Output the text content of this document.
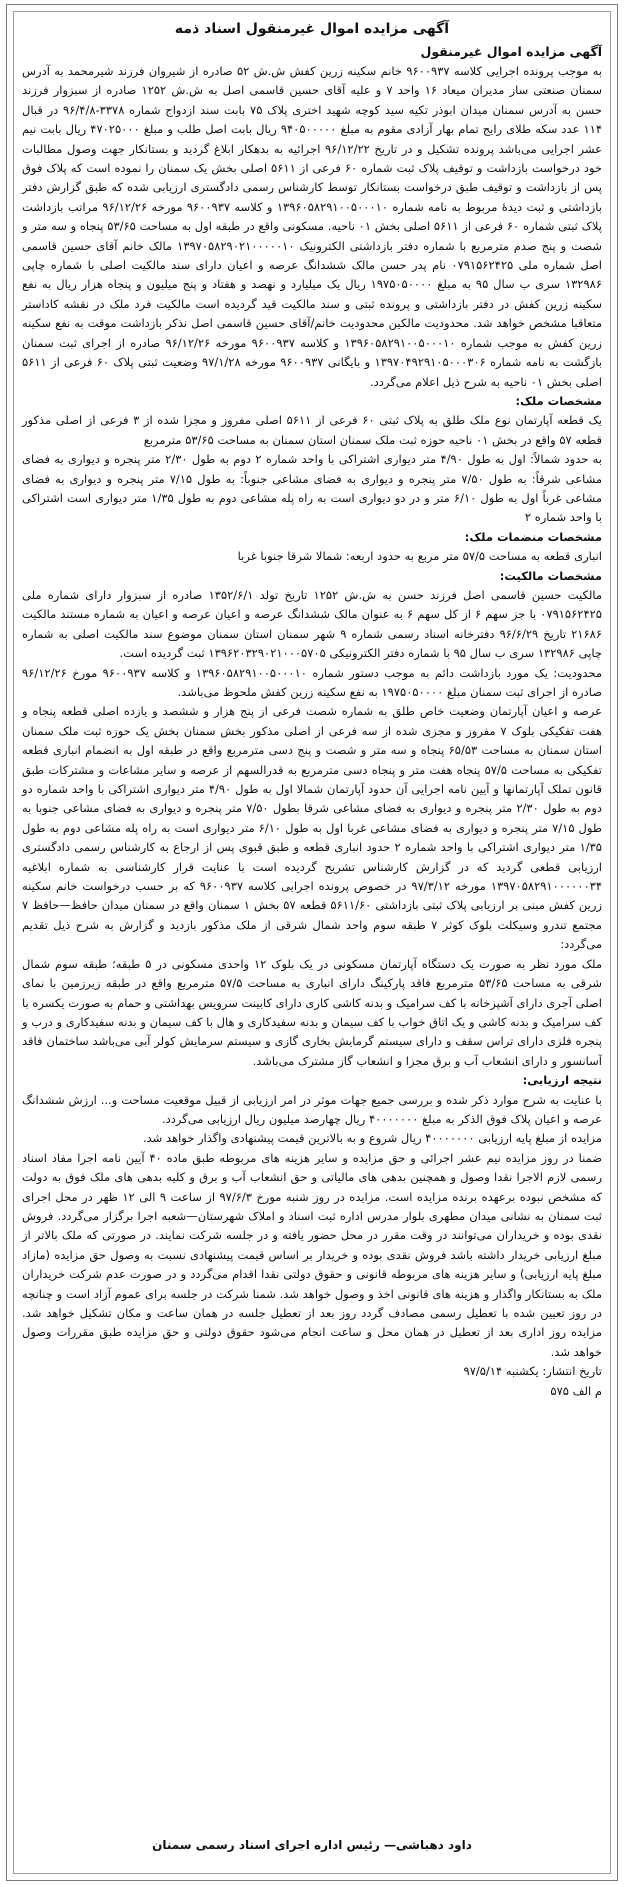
آگهی مزایده اموال غیرمنقول اسناد ذمه

آگهی مزایده اموال غیرمنقول

به موجب پرونده اجرایی کلاسه ۹۶۰۰۹۳۷ خانم سکینه زرین کفش ش.ش ۵۲ صادره از شیروان فرزند شیرمحمد به آدرس سمنان صنعتی ساز مدیران میعاد ۱۶ واحد ۷ و علیه آقای حسین قاسمی اصل به ش.ش ۱۲۵۲ صادره از سبزوار فرزند حسن به آدرس سمنان میدان ابوذر تکیه سید کوچه شهید اختری پلاک ۷۵ بابت سند ازدواج شماره ۳۳۷۸-۹۶/۴/۸ در قبال ۱۱۴ عدد سکه طلای رایج تمام بهار آزادی مقوم به مبلغ ۹۴۰۵۰۰۰۰۰ ریال بابت اصل طلب و مبلغ ۴۷۰۲۵۰۰۰ ریال بابت نیم عشر اجرایی می‌باشد پرونده تشکیل و در تاریخ ۹۶/۱۲/۲۲ اجرائیه به بدهکار ابلاغ گردید و بستانکار جهت وصول مطالبات خود درخواست بازداشت و توقیف پلاک ثبت شماره ۶۰ فرعی از ۵۶۱۱ اصلی بخش یک سمنان را نموده است که پلاک فوق پس از بازداشت و توقیف طبق درخواست بستانکار توسط کارشناس رسمی دادگستری ارزیابی شده که طبق گزارش دفتر بازداشتی و ثبت دیدهٔ مربوط به نامه شماره ۱۳۹۶۰۵۸۲۹۱۰۰۵۰۰۰۱۰ و کلاسه ۹۶۰۰۹۳۷ مورخه ۹۶/۱۲/۲۶ مراتب بازداشت پلاک ثبتی شماره ۶۰ فرعی از ۵۶۱۱ اصلی بخش ۰۱ ناحیه. مسکونی واقع در طبقه اول به مساحت ۵۳/۶۵ پنجاه و سه متر و شصت و پنج صدم مترمربع با شماره دفتر بازداشتی الکترونیک ۱۳۹۷۰۵۸۲۹۰۲۱۰۰۰۰۰۱۰ مالک خانم آقای حسین قاسمی اصل شماره ملی ۰۷۹۱۵۶۲۴۲۵ نام پدر حسن مالک ششدانگ عرصه و اعیان دارای سند مالکیت اصلی با شماره چاپی ۱۳۲۹۸۶ سری ب سال ۹۵ به مبلغ ۱۹۷۵۰۵۰۰۰۰ ریال یک میلیارد و نهصد و هفتاد و پنج میلیون و پنجاه هزار ریال به نفع سکینه زرین کفش در دفتر بازداشتی و پرونده ثبتی و سند مالکیت قید گردیده است مالکیت فرد ملک در نقشه کاداستر متعاقبا مشخص خواهد شد. محدودیت مالکین محدودیت خانم/آقای حسین قاسمی اصل نذکر بازداشت موقت به نفع سکینه زرین کفش به موجب شماره ۱۳۹۶۰۵۸۲۹۱۰۰۵۰۰۰۱۰ و کلاسه ۹۶۰۰۹۳۷ مورخه ۹۶/۱۲/۲۶ صادره از اجرای ثبت سمنان بازگشت به نامه شماره ۱۳۹۷۰۴۹۲۹۱۰۵۰۰۰۳۰۶ و بایگانی ۹۶۰۰۹۳۷ مورخه ۹۷/۱/۲۸ وضعیت ثبتی پلاک ۶۰ فرعی از ۵۶۱۱ اصلی بخش ۰۱ ناحیه به شرح ذیل اعلام می‌گردد.

مشخصات ملک:

یک قطعه آپارتمان نوع ملک طلق به پلاک ثبتی ۶۰ فرعی از ۵۶۱۱ اصلی مفروز و مجزا شده از ۳ فرعی از اصلی مذکور قطعه ۵۷ واقع در بخش ۰۱ ناحیه حوزه ثبت ملک سمنان استان سمنان به مساحت ۵۳/۶۵ مترمربع

به حدود شمالاً: اول به طول ۴/۹۰ متر دیواری اشتراکی با واحد شماره ۲ دوم به طول ۲/۳۰ متر پنجره و دیواری به فضای مشاعی شرقاً: به طول ۷/۵۰ متر پنجره و دیواری به فضای مشاعی جنوباً: به طول ۷/۱۵ متر پنجره و دیواری به فضای مشاعی غرباً اول به طول ۶/۱۰ متر و در دو دیواری است به راه پله مشاعی دوم به طول ۱/۳۵ متر دیواری است اشتراکی با واحد شماره ۲

مشخصات منضمات ملک:

انباری قطعه به مساحت ۵۷/۵ متر مربع به حدود اربعه: شمالا شرقا جنوبا غربا

مشخصات مالکیت:

مالکیت حسین قاسمی اصل فرزند حسن به ش.ش ۱۲۵۲ تاریخ تولد ۱۳۵۲/۶/۱ صادره از سبزوار دارای شماره ملی ۰۷۹۱۵۶۲۴۲۵ با جز سهم ۶ از کل سهم ۶ به عنوان مالک ششدانگ عرصه و اعیان عرصه و اعیان به شماره مستند مالکیت ۲۱۶۸۶ تاریخ ۹۶/۶/۲۹ دفترخانه اسناد رسمی شماره ۹ شهر سمنان استان سمنان موضوع سند مالکیت اصلی به شماره چاپی ۱۳۲۹۸۶ سری ب سال ۹۵ با شماره دفتر الکترونیکی ۱۳۹۶۲۰۳۲۹۰۲۱۰۰۰۵۷۰۵ ثبت گردیده است.

محدودیت: یک مورد بازداشت دائم به موجب دستور شماره ۱۳۹۶۰۵۸۲۹۱۰۰۵۰۰۰۱۰ و کلاسه ۹۶۰۰۹۳۷ مورخ ۹۶/۱۲/۲۶ صادره از اجرای ثبت سمنان مبلغ ۱۹۷۵۰۵۰۰۰۰ به نفع سکینه زرین کفش ملحوظ می‌باشد.

عرصه و اعیان آپارتمان وضعیت خاص طلق به شماره شصت فرعی از پنج هزار و ششصد و یازده اصلی قطعه پنجاه و هفت تفکیکی بلوک ۷ مفروز و مجزی شده از سه فرعی از اصلی مذکور بخش سمنان بخش یک حوزه ثبت ملک سمنان استان سمنان به مساحت ۶۵/۵۳ پنجاه و سه متر و شصت و پنج دسی مترمربع واقع در طبقه اول به انضمام انباری قطعه تفکیکی به مساحت ۵۷/۵ پنجاه هفت متر و پنجاه دسی مترمربع به قدرالسهم از عرصه و سایر مشاعات و مشترکات طبق قانون تملک آپارتمانها و آیین نامه اجرایی آن حدود آپارتمان شمالا اول به طول ۴/۹۰ متر دیواری اشتراکی با واحد شماره دو دوم به طول ۲/۳۰ متر پنجره و دیواری به فضای مشاعی شرقا بطول ۷/۵۰ متر پنجره و دیواری به فضای مشاعی جنوبا به طول ۷/۱۵ متر پنجره و دیواری به فضای مشاعی غربا اول به طول ۶/۱۰ متر دیواری است به راه پله مشاعی دوم به طول ۱/۳۵ متر دیواری اشتراکی با واحد شماره ۲ حدود انباری قطعه و طبق قبوی پس از ارجاع به کارشناس رسمی دادگستری ارزیابی قطعی گردید که در گزارش کارشناس تشریح گردیده است با عنایت قرار کارشناسی به شماره ابلاغیه ۱۳۹۷۰۵۸۲۹۱۰۰۰۰۰۰۳۴ مورخه ۹۷/۳/۱۲ در خصوص پرونده اجرایی کلاسه ۹۶۰۰۹۳۷ که بر حسب درخواست خانم سکینه زرین کفش مبنی بر ارزیابی پلاک ثبتی بازداشتی ۵۶۱۱/۶۰ قطعه ۵۷ بخش ۱ سمنان واقع در سمنان میدان حافظ—حافظ ۷ مجتمع تندرو وسیکلت بلوک کوثر ۷ طبقه سوم واحد شمال شرقی از ملک مذکور بازدید و گزارش به شرح ذیل تقدیم می‌گردد:

ملک مورد نظر به صورت یک دستگاه آپارتمان مسکونی در یک بلوک ۱۲ واحدی مسکونی در ۵ طبقه؛ طبقه سوم شمال شرقی به مساحت ۵۳/۶۵ مترمربع فاقد پارکینگ دارای انباری به مساحت ۵۷/۵ مترمربع واقع در طبقه زیرزمین با نمای اصلی آجری دارای آشپزخانه با کف سرامیک و بدنه کاشی کاری دارای کابینت سرویس بهداشتی و حمام به صورت یکسره با کف سرامیک و بدنه کاشی و یک اتاق خواب با کف سیمان و بدنه سفیدکاری و هال با کف سیمان و بدنه سفیدکاری و درب و پنجره فلزی دارای تراس سقف و دارای سیستم گرمایش بخاری گازی و سیستم سرمایش کولر آبی می‌باشد ساختمان فاقد آسانسور و دارای انشعاب آب و برق مجزا و انشعاب گاز مشترک می‌باشد.

نتیجه ارزیابی:

با عنایت به شرح موارد ذکر شده و بررسی جمیع جهات موثر در امر ارزیابی از قبیل موقعیت مساحت و... ارزش ششدانگ عرصه و اعیان پلاک فوق الذکر به مبلغ ۴۰۰۰۰۰۰۰ ریال چهارصد میلیون ریال ارزیابی می‌گردد.

مزایده از مبلغ پایه ارزیابی ۴۰۰۰۰۰۰۰ ریال شروع و به بالاترین قیمت پیشنهادی واگذار خواهد شد.

ضمنا در روز مزایده نیم عشر اجرائی و حق مزایده و سایر هزینه های مربوطه طبق ماده ۴۰ آیین نامه اجرا مفاد اسناد رسمی لازم الاجرا نقدا وصول و همچنین بدهی های مالیاتی و حق انشعاب آب و برق و کلیه بدهی های ملک فوق به دولت که مشخص نبوده برعهده برنده مزایده است. مزایده در روز شنبه مورخ ۹۷/۶/۳ از ساعت ۹ الی ۱۲ ظهر در محل اجرای ثبت سمنان به نشانی میدان مطهری بلوار مدرس اداره ثبت اسناد و املاک شهرستان—شعبه اجرا برگزار می‌گردد. فروش نقدی بوده و خریداران می‌توانند در وقت مقرر در محل حضور یافته و در جلسه شرکت نمایند. در صورتی که ملک بالاتر از مبلغ ارزیابی خریدار داشته باشد فروش نقدی بوده و خریدار بر اساس قیمت پیشنهادی نسبت به وصول حق مزایده (مازاد مبلغ پایه ارزیابی) و سایر هزینه های مربوطه قانونی و حقوق دولتی نقدا اقدام می‌گردد و در صورت عدم شرکت خریداران ملک به بستانکار واگذار و هزینه های قانونی اخذ و وصول خواهد شد. شمنا شرکت در جلسه برای عموم آزاد است و چنانچه در روز تعیین شده با تعطیل رسمی مصادف گردد روز بعد از تعطیل جلسه در همان ساعت و مکان تشکیل خواهد شد. مزایده روز اداری بعد از تعطیل در همان محل و ساعت انجام می‌شود حقوق دولتی و حق مزایده طبق مقررات وصول خواهد شد.

تاریخ انتشار: یکشنبه ۹۷/۵/۱۴

م الف ۵۷۵

داود دهباشی— رئیس اداره اجرای اسناد رسمی سمنان
